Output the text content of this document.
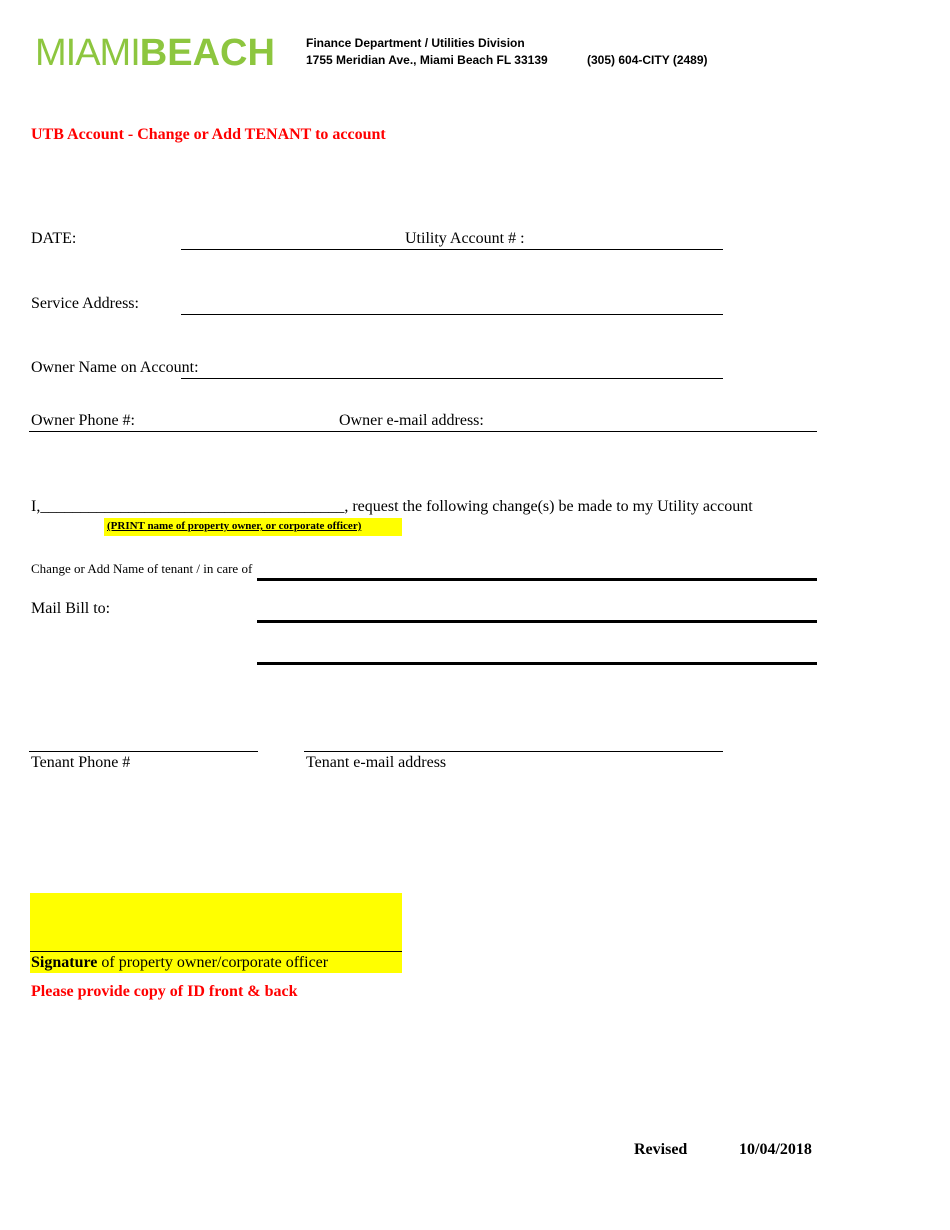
MIAMIBEACH	Finance Department / Utilities Division
1755 Meridian Ave., Miami Beach FL 33139	(305) 604-CITY (2489)
UTB Account - Change or Add TENANT to account
DATE:	Utility Account # :
Service Address:
Owner Name on Account:
Owner Phone #:	Owner e-mail address:
I,______________________________________, request the following change(s) be made to my Utility account
(PRINT name of property owner, or corporate officer)
Change or Add Name of tenant / in care of
Mail Bill to:
Tenant Phone #	Tenant e-mail address
Signature of property owner/corporate officer
Please provide copy of ID front & back
Revised	10/04/2018
